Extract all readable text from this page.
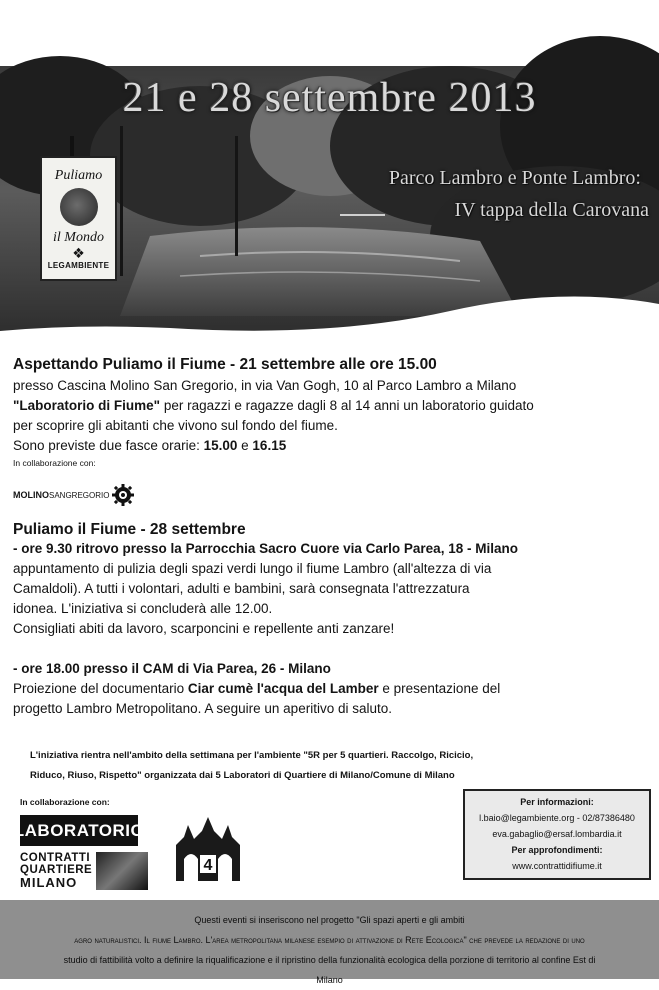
21 e 28 settembre 2013
Parco Lambro e Ponte Lambro:
IV tappa della Carovana
Puliamo
il Mondo
❖
LEGAMBIENTE
Aspettando Puliamo il Fiume - 21 settembre alle ore 15.00
presso Cascina Molino San Gregorio, in via Van Gogh, 10 al Parco Lambro a Milano
"Laboratorio di Fiume" per ragazzi e ragazze dagli 8 al 14 anni un laboratorio guidato
per scoprire gli abitanti che vivono sul fondo del fiume.
Sono previste due fasce orarie: 15.00 e 16.15
In collaborazione con:
MOLINO SANGREGORIO
Puliamo il Fiume - 28 settembre
- ore 9.30 ritrovo presso la Parrocchia Sacro Cuore via Carlo Parea, 18 - Milano
appuntamento di pulizia degli spazi verdi lungo il fiume Lambro (all'altezza di via
Camaldoli). A tutti i volontari, adulti e bambini, sarà consegnata l'attrezzatura
idonea. L'iniziativa si concluderà alle 12.00.
Consigliati abiti da lavoro, scarponcini e repellente anti zanzare!
- ore 18.00 presso il CAM di Via Parea, 26 - Milano
Proiezione del documentario Ciar cumè l'acqua del Lamber e presentazione del
progetto Lambro Metropolitano. A seguire un aperitivo di saluto.
L'iniziativa rientra nell'ambito della settimana per l'ambiente "5R per 5 quartieri. Raccolgo, Ricicio,
Riduco, Riuso, Rispetto" organizzata dai 5 Laboratori di Quartiere di Milano/Comune di Milano
In collaborazione con:
LABORATORIO
CONTRATTI
QUARTIERE
MILANO
4
Per informazioni:
l.baio@legambiente.org - 02/87386480
eva.gabaglio@ersaf.lombardia.it
Per approfondimenti:
www.contrattidifiume.it
Questi eventi si inseriscono nel progetto "Gli spazi aperti e gli ambiti
agro naturalistici. Il fiume Lambro. L'area metropolitana milanese esempio di attivazione di Rete Ecologica" che prevede la redazione di uno
studio di fattibilità volto a definire la riqualificazione e il ripristino della funzionalità ecologica della porzione di territorio al confine Est di
Milano
